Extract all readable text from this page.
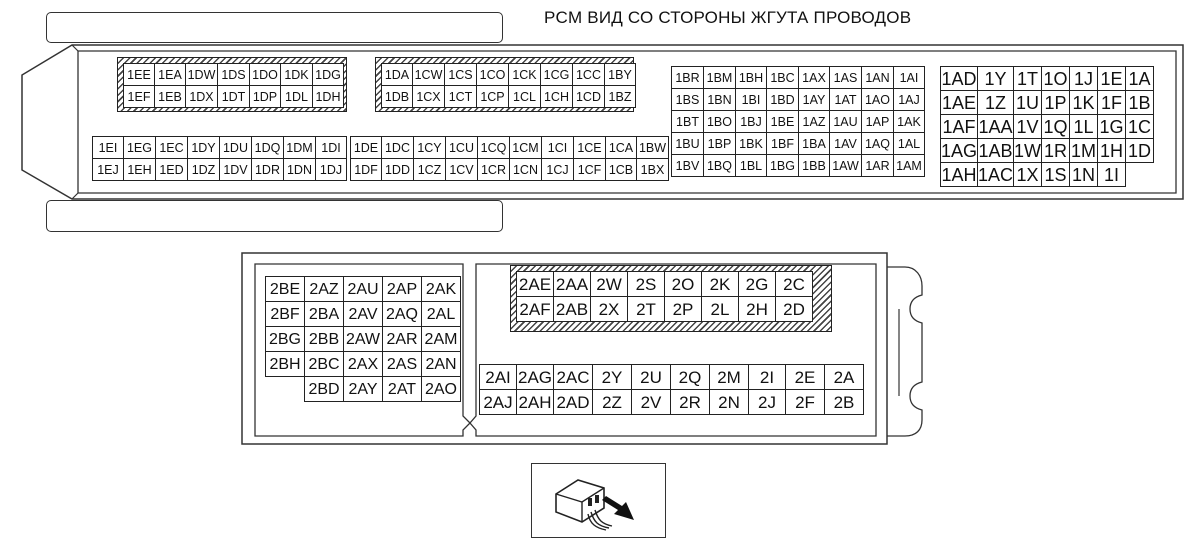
PCM ВИД СО СТОРОНЫ ЖГУТА ПРОВОДОВ
1EE	1EA	1DW	1DS	1DO	1DK	1DG
1EF	1EB	1DX	1DT	1DP	1DL	1DH
1DA	1CW	1CS	1CO	1CK	1CG	1CC	1BY
1DB	1CX	1CT	1CP	1CL	1CH	1CD	1BZ
1EI	1EG	1EC	1DY	1DU	1DQ	1DM	1DI
1EJ	1EH	1ED	1DZ	1DV	1DR	1DN	1DJ
1DE	1DC	1CY	1CU	1CQ	1CM	1CI	1CE	1CA	1BW
1DF	1DD	1CZ	1CV	1CR	1CN	1CJ	1CF	1CB	1BX
1BR	1BM	1BH	1BC	1AX	1AS	1AN	1AI
1BS	1BN	1BI	1BD	1AY	1AT	1AO	1AJ
1BT	1BO	1BJ	1BE	1AZ	1AU	1AP	1AK
1BU	1BP	1BK	1BF	1BA	1AV	1AQ	1AL
1BV	1BQ	1BL	1BG	1BB	1AW	1AR	1AM
1AD	1Y	1T	1O	1J	1E	1A
1AE	1Z	1U	1P	1K	1F	1B
1AF	1AA	1V	1Q	1L	1G	1C
1AG	1AB	1W	1R	1M	1H	1D
1AH	1AC	1X	1S	1N	1I	
2BE	2AZ	2AU	2AP	2AK
2BF	2BA	2AV	2AQ	2AL
2BG	2BB	2AW	2AR	2AM
2BH	2BC	2AX	2AS	2AN
	2BD	2AY	2AT	2AO
2AE	2AA	2W	2S	2O	2K	2G	2C
2AF	2AB	2X	2T	2P	2L	2H	2D
2AI	2AG	2AC	2Y	2U	2Q	2M	2I	2E	2A
2AJ	2AH	2AD	2Z	2V	2R	2N	2J	2F	2B
